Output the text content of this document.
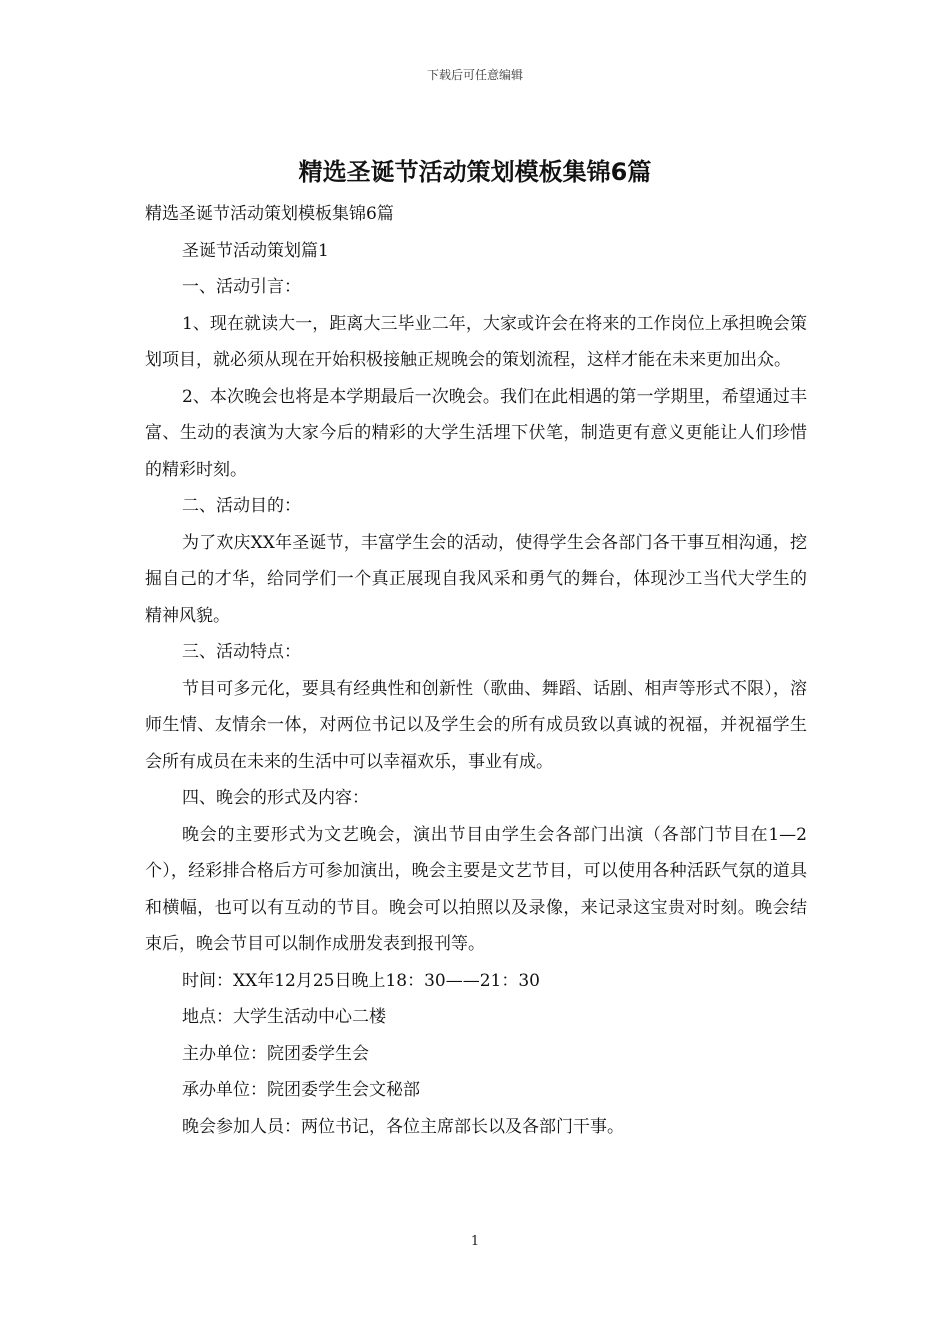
下载后可任意编辑
精选圣诞节活动策划模板集锦6篇

精选圣诞节活动策划模板集锦6篇

圣诞节活动策划篇1

一、活动引言：

1、现在就读大一，距离大三毕业二年，大家或许会在将来的工作岗位上承担晚会策划项目，就必须从现在开始积极接触正规晚会的策划流程，这样才能在未来更加出众。

2、本次晚会也将是本学期最后一次晚会。我们在此相遇的第一学期里，希望通过丰富、生动的表演为大家今后的精彩的大学生活埋下伏笔，制造更有意义更能让人们珍惜的精彩时刻。

二、活动目的：

为了欢庆XX年圣诞节，丰富学生会的活动，使得学生会各部门各干事互相沟通，挖掘自己的才华，给同学们一个真正展现自我风采和勇气的舞台，体现沙工当代大学生的精神风貌。

三、活动特点：

节目可多元化，要具有经典性和创新性（歌曲、舞蹈、话剧、相声等形式不限），溶师生情、友情余一体，对两位书记以及学生会的所有成员致以真诚的祝福，并祝福学生会所有成员在未来的生活中可以幸福欢乐，事业有成。

四、晚会的形式及内容：

晚会的主要形式为文艺晚会，演出节目由学生会各部门出演（各部门节目在1—2个），经彩排合格后方可参加演出，晚会主要是文艺节目，可以使用各种活跃气氛的道具和横幅，也可以有互动的节目。晚会可以拍照以及录像，来记录这宝贵对时刻。晚会结束后，晚会节目可以制作成册发表到报刊等。

时间：XX年12月25日晚上18：30——21：30

地点：大学生活动中心二楼

主办单位：院团委学生会

承办单位：院团委学生会文秘部

晚会参加人员：两位书记，各位主席部长以及各部门干事。

1
